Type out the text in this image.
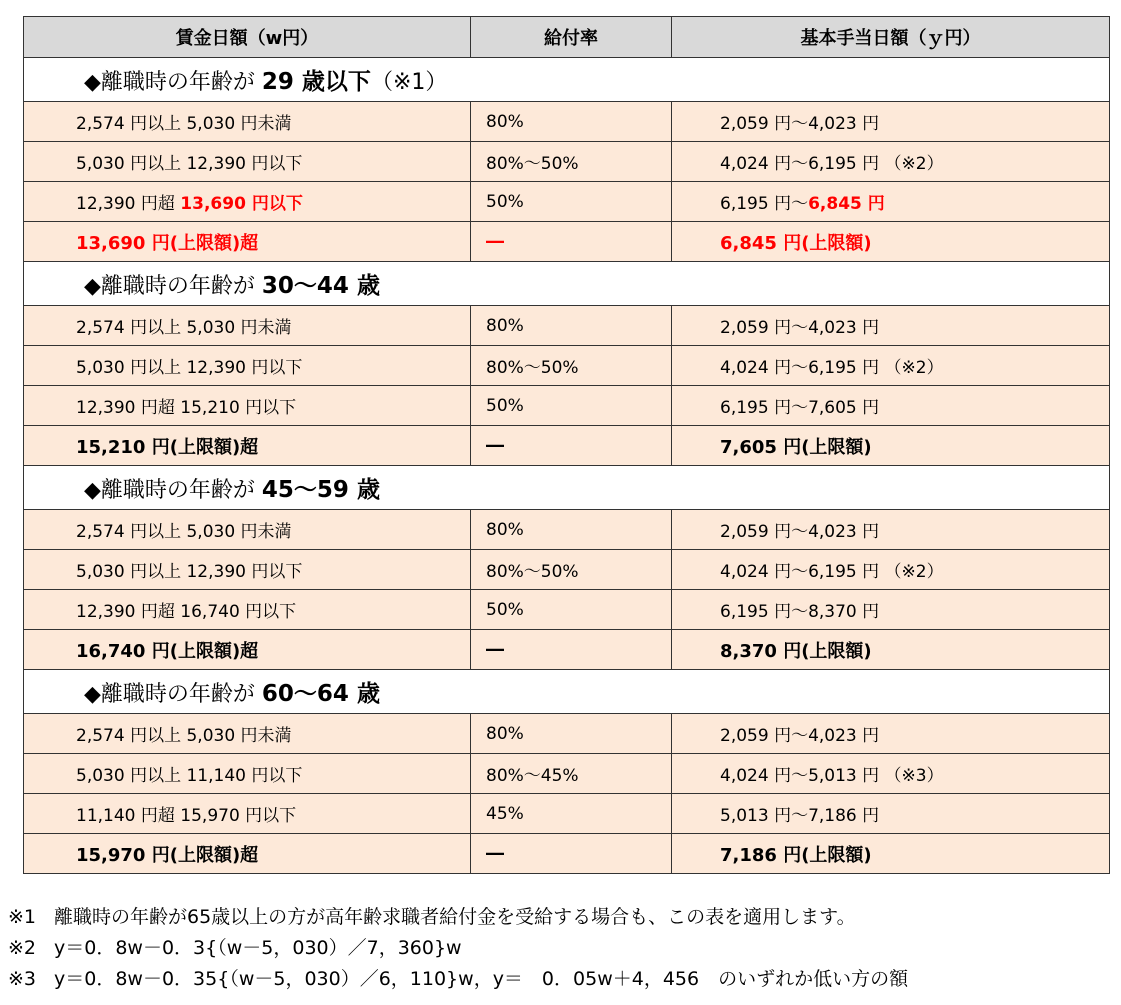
賃金日額（w円）	給付率	基本手当日額（ｙ円）
◆離職時の年齢が 29 歳以下（※1）		
2,574 円以上 5,030 円未満	80%	2,059 円～4,023 円
5,030 円以上 12,390 円以下	80%～50%	4,024 円～6,195 円 （※2）
12,390 円超 13,690 円以下	50%	6,195 円～6,845 円
13,690 円(上限額)超	―	6,845 円(上限額)
◆離職時の年齢が 30～44 歳		
2,574 円以上 5,030 円未満	80%	2,059 円～4,023 円
5,030 円以上 12,390 円以下	80%～50%	4,024 円～6,195 円 （※2）
12,390 円超 15,210 円以下	50%	6,195 円～7,605 円
15,210 円(上限額)超	―	7,605 円(上限額)
◆離職時の年齢が 45～59 歳		
2,574 円以上 5,030 円未満	80%	2,059 円～4,023 円
5,030 円以上 12,390 円以下	80%～50%	4,024 円～6,195 円 （※2）
12,390 円超 16,740 円以下	50%	6,195 円～8,370 円
16,740 円(上限額)超	―	8,370 円(上限額)
◆離職時の年齢が 60～64 歳		
2,574 円以上 5,030 円未満	80%	2,059 円～4,023 円
5,030 円以上 11,140 円以下	80%～45%	4,024 円～5,013 円 （※3）
11,140 円超 15,970 円以下	45%	5,013 円～7,186 円
15,970 円(上限額)超	―	7,186 円(上限額)
※1 離職時の年齢が65歳以上の方が高年齢求職者給付金を受給する場合も、この表を適用します。
※2 y＝0．8w－0．3{（w－5，030）／7，360}w
※3 y＝0．8w－0．35{（w－5，030）／6，110}w，y＝　0．05w＋4，456　のいずれか低い方の額
